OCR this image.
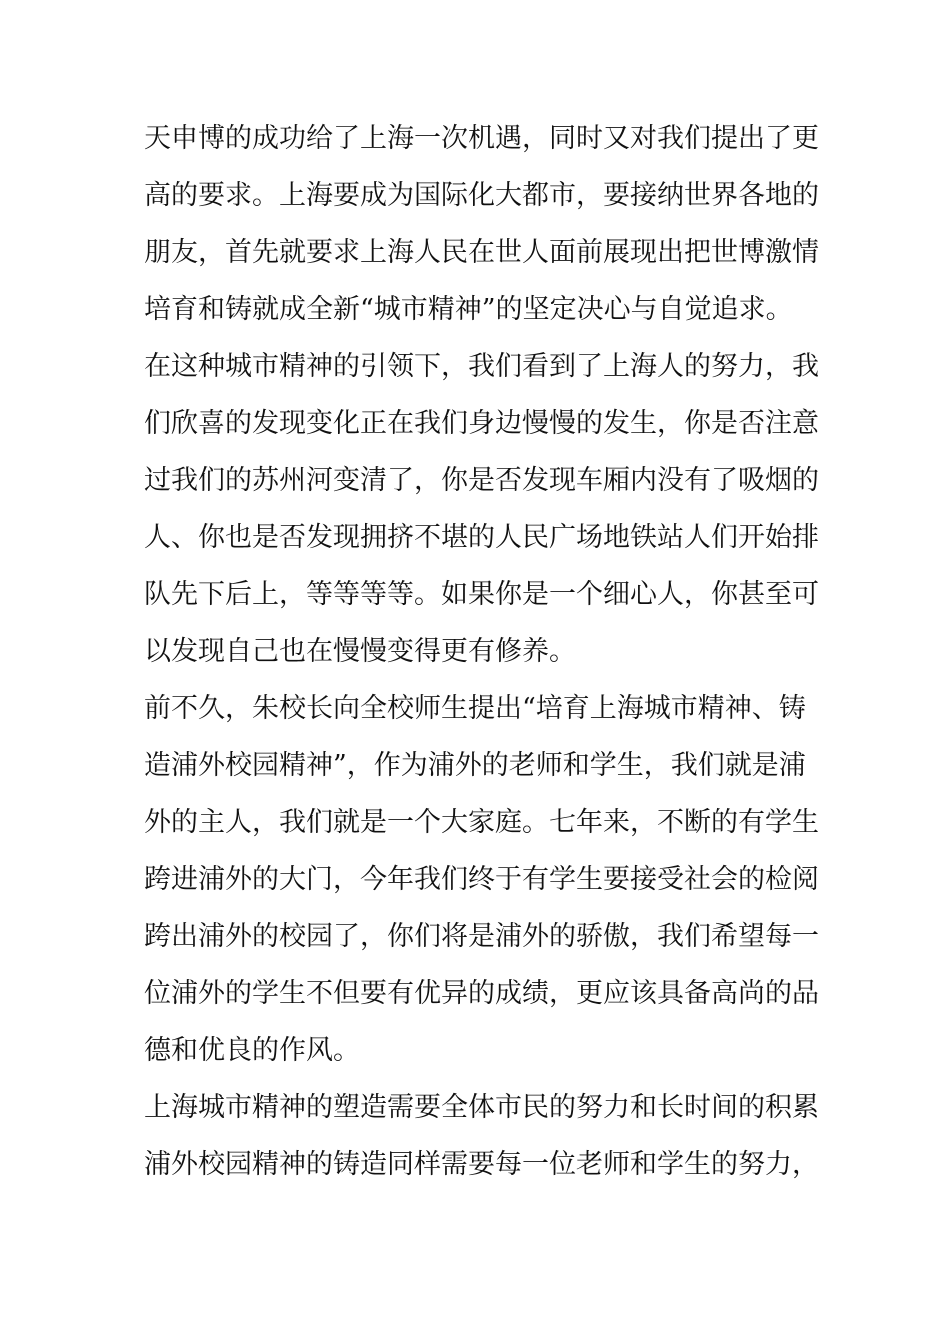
天申博的成功给了上海一次机遇，同时又对我们提出了更
高的要求。上海要成为国际化大都市，要接纳世界各地的
朋友，首先就要求上海人民在世人面前展现出把世博激情
培育和铸就成全新“城市精神”的坚定决心与自觉追求。
在这种城市精神的引领下，我们看到了上海人的努力，我
们欣喜的发现变化正在我们身边慢慢的发生，你是否注意
过我们的苏州河变清了，你是否发现车厢内没有了吸烟的
人、你也是否发现拥挤不堪的人民广场地铁站人们开始排
队先下后上，等等等等。如果你是一个细心人，你甚至可
以发现自己也在慢慢变得更有修养。
前不久，朱校长向全校师生提出“培育上海城市精神、铸
造浦外校园精神”，作为浦外的老师和学生，我们就是浦
外的主人，我们就是一个大家庭。七年来，不断的有学生
跨进浦外的大门，今年我们终于有学生要接受社会的检阅
跨出浦外的校园了，你们将是浦外的骄傲，我们希望每一
位浦外的学生不但要有优异的成绩，更应该具备高尚的品
德和优良的作风。
上海城市精神的塑造需要全体市民的努力和长时间的积累
浦外校园精神的铸造同样需要每一位老师和学生的努力，
